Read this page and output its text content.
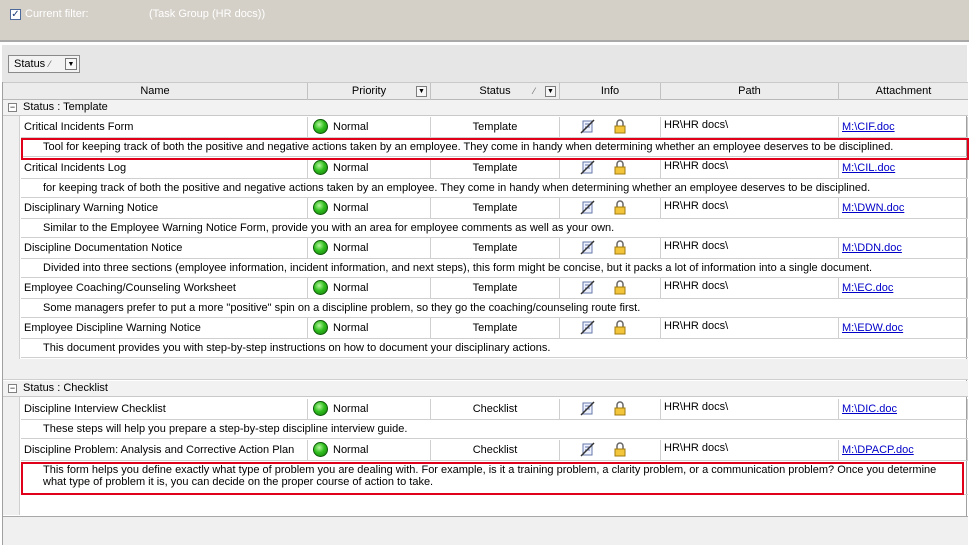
✓ Current filter:	(Task Group (HR docs))
Status ⁄	▼
Name	Priority	▼	Status	⁄ ▼	Info	Path	Attachment
− Status : Template
Critical Incidents Form	Normal	Template	HR\HR docs\	M:\CIF.doc
Tool for keeping track of both the positive and negative actions taken by an employee. They come in handy when determining whether an employee deserves to be disciplined.
Critical Incidents Log	Normal	Template	HR\HR docs\	M:\CIL.doc
for keeping track of both the positive and negative actions taken by an employee. They come in handy when determining whether an employee deserves to be disciplined.
Disciplinary Warning Notice	Normal	Template	HR\HR docs\	M:\DWN.doc
Similar to the Employee Warning Notice Form, provide you with an area for employee comments as well as your own.
Discipline Documentation Notice	Normal	Template	HR\HR docs\	M:\DDN.doc
Divided into three sections (employee information, incident information, and next steps), this form might be concise, but it packs a lot of information into a single document.
Employee Coaching/Counseling Worksheet	Normal	Template	HR\HR docs\	M:\EC.doc
Some managers prefer to put a more "positive" spin on a discipline problem, so they go the coaching/counseling route first.
Employee Discipline Warning Notice	Normal	Template	HR\HR docs\	M:\EDW.doc
This document provides you with step-by-step instructions on how to document your disciplinary actions.
− Status : Checklist
Discipline Interview Checklist	Normal	Checklist	HR\HR docs\	M:\DIC.doc
These steps will help you prepare a step-by-step discipline interview guide.
Discipline Problem: Analysis and Corrective Action Plan	Normal	Checklist	HR\HR docs\	M:\DPACP.doc
This form helps you define exactly what type of problem you are dealing with. For example, is it a training problem, a clarity problem, or a communication problem? Once you determine what type of problem it is, you can decide on the proper course of action to take.
